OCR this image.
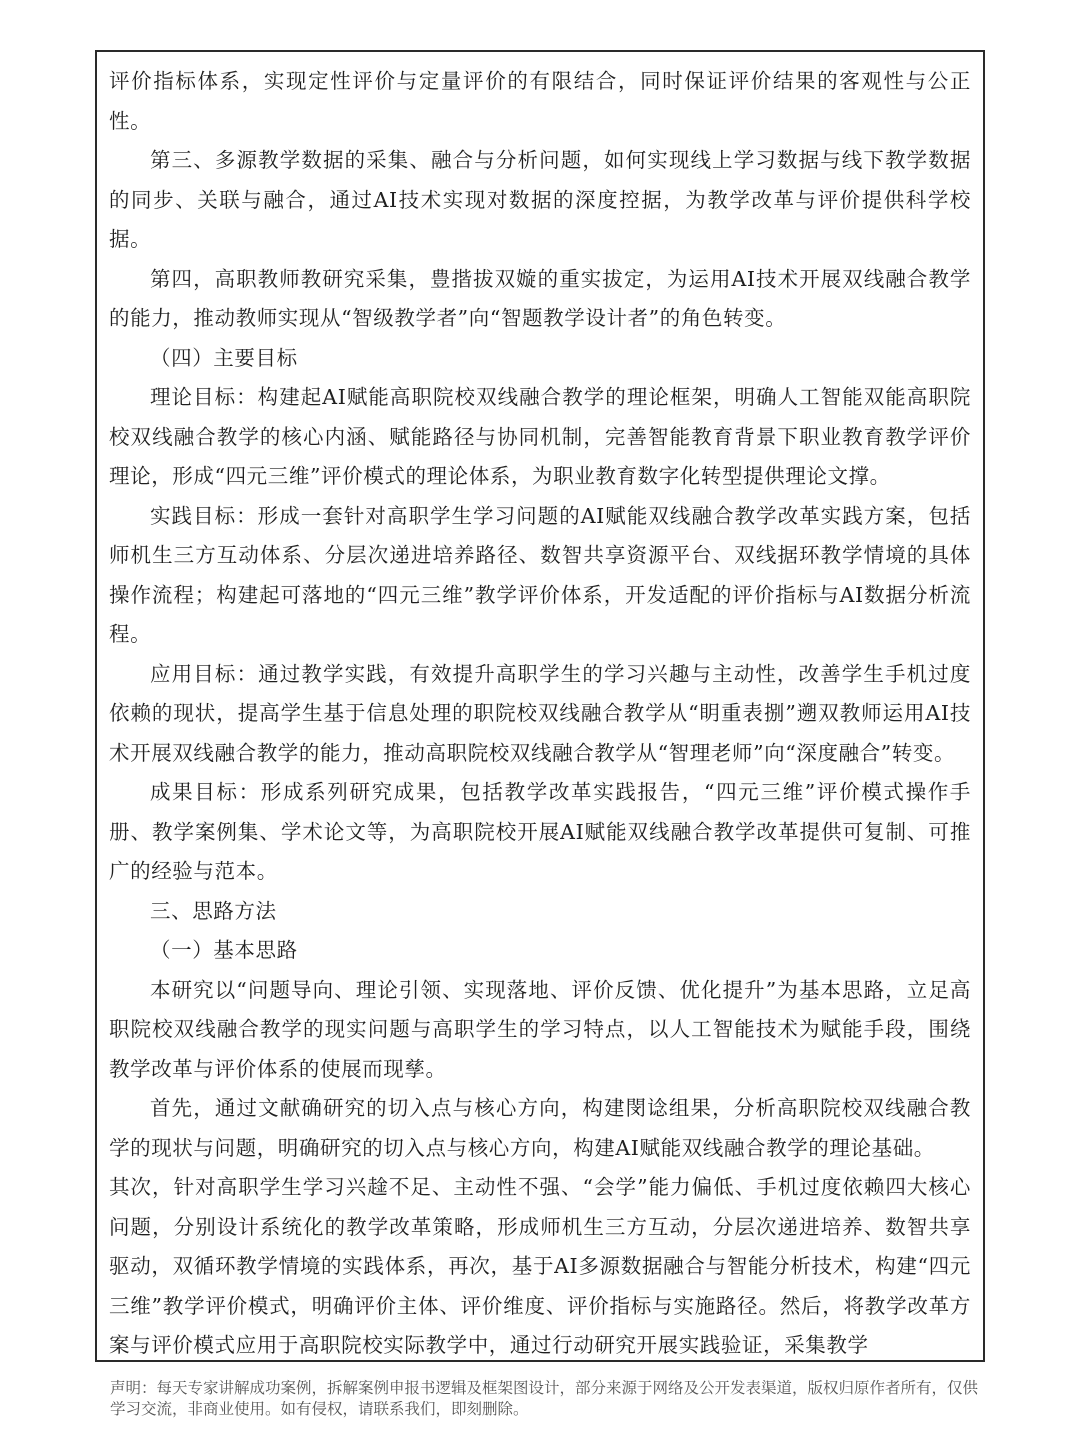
评价指标体系，实现定性评价与定量评价的有限结合，同时保证评价结果的客观性与公正性。

第三、多源教学数据的采集、融合与分析问题，如何实现线上学习数据与线下教学数据的同步、关联与融合，通过AI技术实现对数据的深度控据，为教学改革与评价提供科学校据。

第四，高职教师教研究采集，豊揩拔双嫙的重实拔定，为运用AI技术开展双线融合教学的能力，推动教师实现从“智级教学者”向“智题教学设计者”的角色转变。

（四）主要目标

理论目标：构建起AI赋能高职院校双线融合教学的理论框架，明确人工智能双能高职院校双线融合教学的核心内涵、赋能路径与协同机制，完善智能教育背景下职业教育教学评价理论，形成“四元三维”评价模式的理论体系，为职业教育数字化转型提供理论文撑。

实践目标：形成一套针对高职学生学习问题的AI赋能双线融合教学改革实践方案，包括师机生三方互动体系、分层次递进培养路径、数智共享资源平台、双线据环教学情境的具体操作流程；构建起可落地的“四元三维”教学评价体系，开发适配的评价指标与AI数据分析流程。

应用目标：通过教学实践，有效提升高职学生的学习兴趣与主动性，改善学生手机过度依赖的现状，提高学生基于信息处理的职院校双线融合教学从“眀重表捌”遡双教师运用AI技术开展双线融合教学的能力，推动高职院校双线融合教学从“智理老师”向“深度融合”转变。

成果目标：形成系列研究成果，包括教学改革实践报告，“四元三维”评价模式操作手册、教学案例集、学术论文等，为高职院校开展AI赋能双线融合教学改革提供可复制、可推广的经验与范本。

三、思路方法

（一）基本思路

本研究以“问题导向、理论引领、实现落地、评价反馈、优化提升”为基本思路，立足高职院校双线融合教学的现实问题与高职学生的学习特点，以人工智能技术为赋能手段，围绕教学改革与评价体系的使展而现孳。

首先，通过文献确研究的切入点与核心方向，构建閔谂组果，分析高职院校双线融合教学的现状与问题，明确研究的切入点与核心方向，构建AI赋能双线融合教学的理论基础。

其次，针对高职学生学习兴趛不足、主动性不强、“会学”能力偏低、手机过度依赖四大核心问题，分别设计系统化的教学改革策略，形成师机生三方互动，分层次递进培养、数智共享驱动，双循环教学情境的实践体系，再次，基于AI多源数据融合与智能分析技术，构建“四元三维”教学评价模式，明确评价主体、评价维度、评价指标与实施路径。然后，将教学改革方案与评价模式应用于高职院校实际教学中，通过行动研究开展实践验证，采集教学

声明：每天专家讲解成功案例，拆解案例申报书逻辑及框架图设计，部分来源于网络及公开发表渠道，版权归原作者所有，仅供学习交流，非商业使用。如有侵权，请联系我们，即刻删除。
